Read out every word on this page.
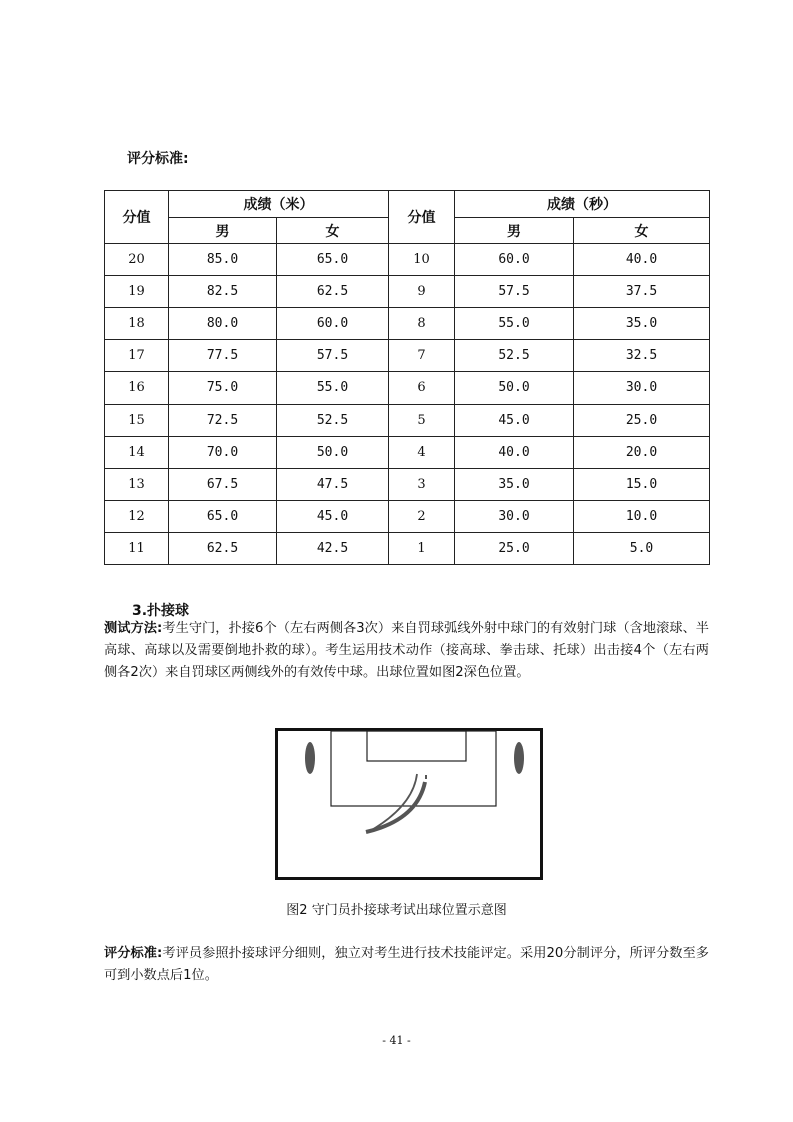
评分标准:
分值	成绩（米）		分值	成绩（秒）	
	男	女		男	女
20	85.0	65.0	10	60.0	40.0
19	82.5	62.5	9	57.5	37.5
18	80.0	60.0	8	55.0	35.0
17	77.5	57.5	7	52.5	32.5
16	75.0	55.0	6	50.0	30.0
15	72.5	52.5	5	45.0	25.0
14	70.0	50.0	4	40.0	20.0
13	67.5	47.5	3	35.0	15.0
12	65.0	45.0	2	30.0	10.0
11	62.5	42.5	1	25.0	5.0
3.扑接球
测试方法:考生守门，扑接6个（左右两侧各3次）来自罚球弧线外射中球门的有效射门球（含地滚球、半高球、高球以及需要倒地扑救的球）。考生运用技术动作（接高球、拳击球、托球）出击接4个（左右两侧各2次）来自罚球区两侧线外的有效传中球。出球位置如图2深色位置。
图2 守门员扑接球考试出球位置示意图
评分标准:考评员参照扑接球评分细则，独立对考生进行技术技能评定。采用20分制评分，所评分数至多可到小数点后1位。
- 41 -
